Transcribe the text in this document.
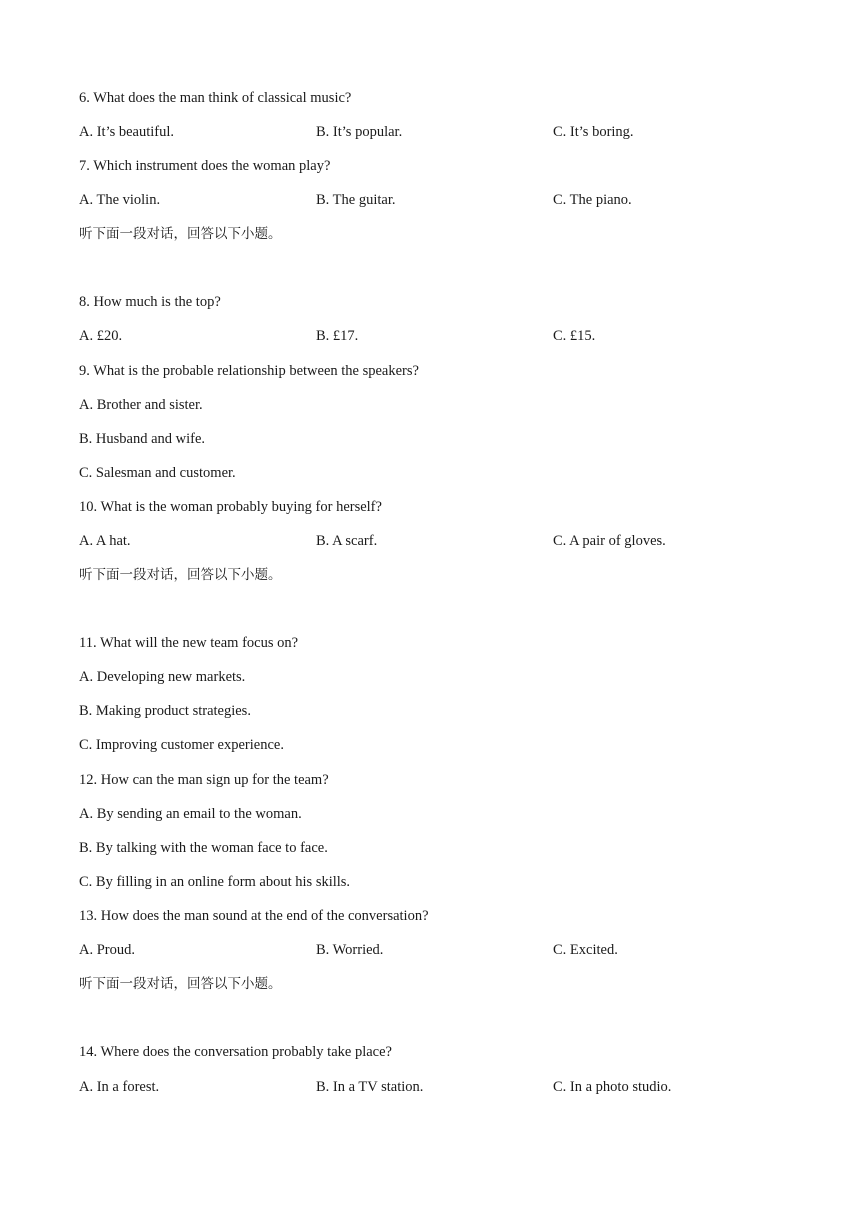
6. What does the man think of classical music?
A. It’s beautiful.	B. It’s popular.	C. It’s boring.
7. Which instrument does the woman play?
A. The violin.	B. The guitar.	C. The piano.
听下面一段对话，回答以下小题。
8. How much is the top?
A. £20.	B. £17.	C. £15.
9. What is the probable relationship between the speakers?
A. Brother and sister.
B. Husband and wife.
C. Salesman and customer.
10. What is the woman probably buying for herself?
A. A hat.	B. A scarf.	C. A pair of gloves.
听下面一段对话，回答以下小题。
11. What will the new team focus on?
A. Developing new markets.
B. Making product strategies.
C. Improving customer experience.
12. How can the man sign up for the team?
A. By sending an email to the woman.
B. By talking with the woman face to face.
C. By filling in an online form about his skills.
13. How does the man sound at the end of the conversation?
A. Proud.	B. Worried.	C. Excited.
听下面一段对话，回答以下小题。
14. Where does the conversation probably take place?
A. In a forest.	B. In a TV station.	C. In a photo studio.
